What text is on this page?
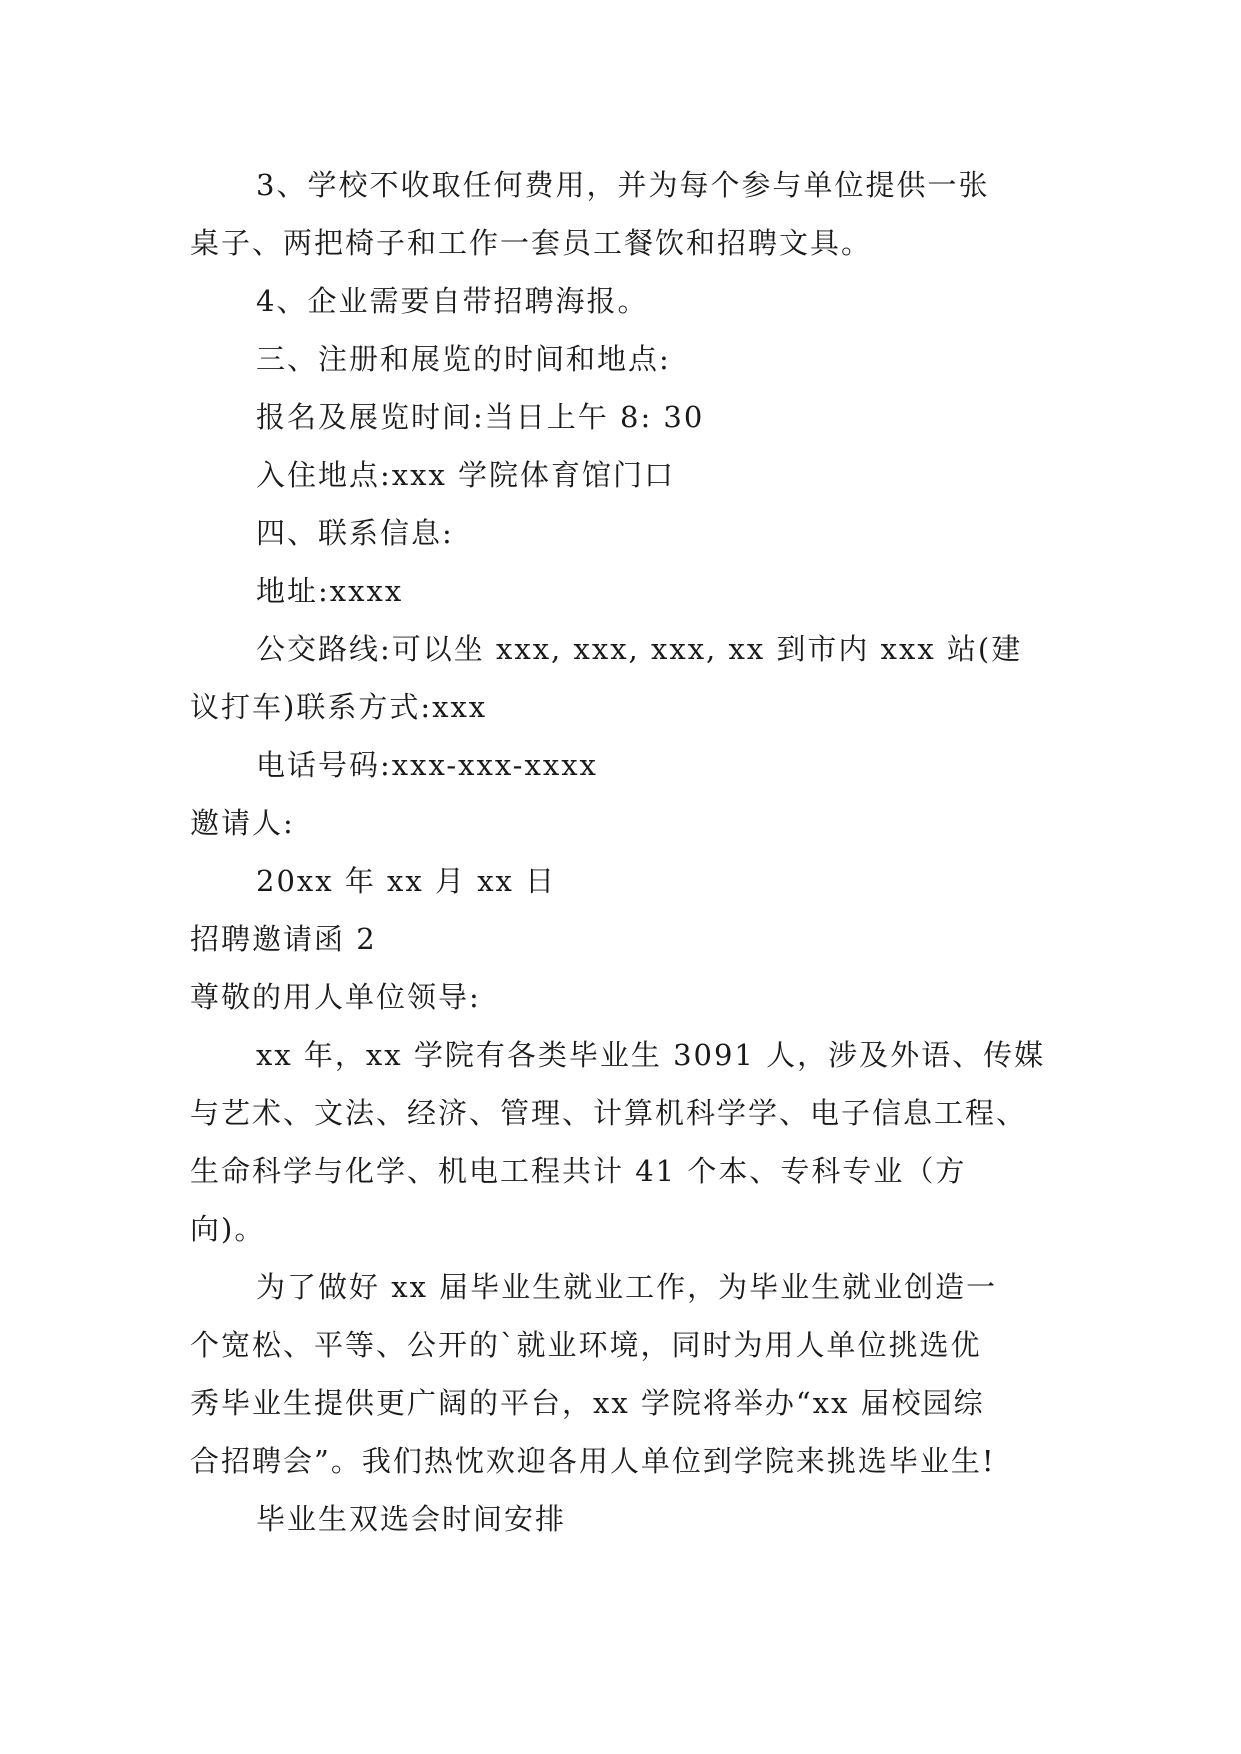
3、学校不收取任何费用，并为每个参与单位提供一张
桌子、两把椅子和工作一套员工餐饮和招聘文具。
4、企业需要自带招聘海报。
三、注册和展览的时间和地点:
报名及展览时间:当日上午 8: 30
入住地点:xxx 学院体育馆门口
四、联系信息:
地址:xxxx
公交路线:可以坐 xxx, xxx, xxx, xx 到市内 xxx 站(建
议打车)联系方式:xxx
电话号码:xxx-xxx-xxxx
邀请人:
20xx 年 xx 月 xx 日
招聘邀请函 2
尊敬的用人单位领导:
xx 年，xx 学院有各类毕业生 3091 人，涉及外语、传媒
与艺术、文法、经济、管理、计算机科学学、电子信息工程、
生命科学与化学、机电工程共计 41 个本、专科专业（方
向)。
为了做好 xx 届毕业生就业工作，为毕业生就业创造一
个宽松、平等、公开的`就业环境，同时为用人单位挑选优
秀毕业生提供更广阔的平台，xx 学院将举办“xx 届校园综
合招聘会”。我们热忱欢迎各用人单位到学院来挑选毕业生!
毕业生双选会时间安排
